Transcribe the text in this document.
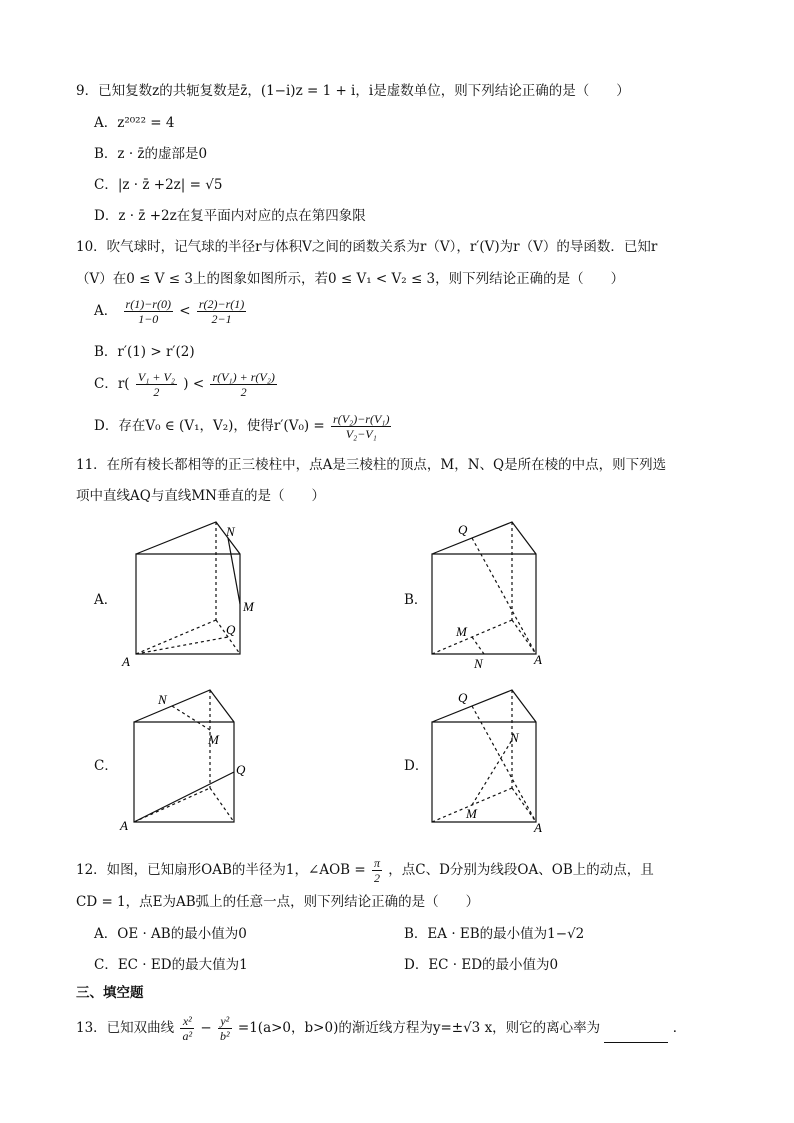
9．已知复数z的共轭复数是z̄，(1−i)z = 1 + i，i是虚数单位，则下列结论正确的是（　　）
A．z²⁰²² = 4
B．z · z̄的虚部是0
C．|z · z̄ +2z| = √5
D．z · z̄ +2z在复平面内对应的点在第四象限
10．吹气球时，记气球的半径r与体积V之间的函数关系为r（V），r′(V)为r（V）的导函数．已知r
（V）在0 ≤ V ≤ 3上的图象如图所示，若0 ≤ V₁ < V₂ ≤ 3，则下列结论正确的是（　　）
A． $\frac{r(1)-r(0)}{1-0} < \frac{r(2)-r(1)}{2-1}$
B．r′(1) > r′(2)
C．$r( \frac{\text{V₁ + V₂}}{2}$ ) < $\frac{\text{r(V₁) + r(V₂)}}{2}$
D．存在V₀ ∈ (V₁，V₂)，使得$r'(V_0) = \frac{\text{r(V₂)−r(V₁)}}{\text{V₂−V₁}}$
11．在所有棱长都相等的正三棱柱中，点A是三棱柱的顶点，M，N、Q是所在棱的中点，则下列选
项中直线AQ与直线MN垂直的是（　　）
A．
A
N
M
Q
B．
Q
M
N	A
C．
N
M
Q
A
D．
Q
N
M
A
12．如图，已知扇形OAB的半径为1，∠AOB = $\frac{\pi}{2}$ ，点C、D分别为线段OA、OB上的动点，且
CD = 1，点E为AB弧上的任意一点，则下列结论正确的是（　　）
A．OE · AB的最小值为0	B．EA · EB的最小值为1−√2
C．EC · ED的最大值为1	D．EC · ED的最小值为0
三、填空题
13．已知双曲线 $\frac{\text{x²}}{\text{a²}} - \frac{\text{y²}}{\text{b²}} =1(a>0$，b>0)的渐近线方程为y=±√3 x，则它的离心率为	．
